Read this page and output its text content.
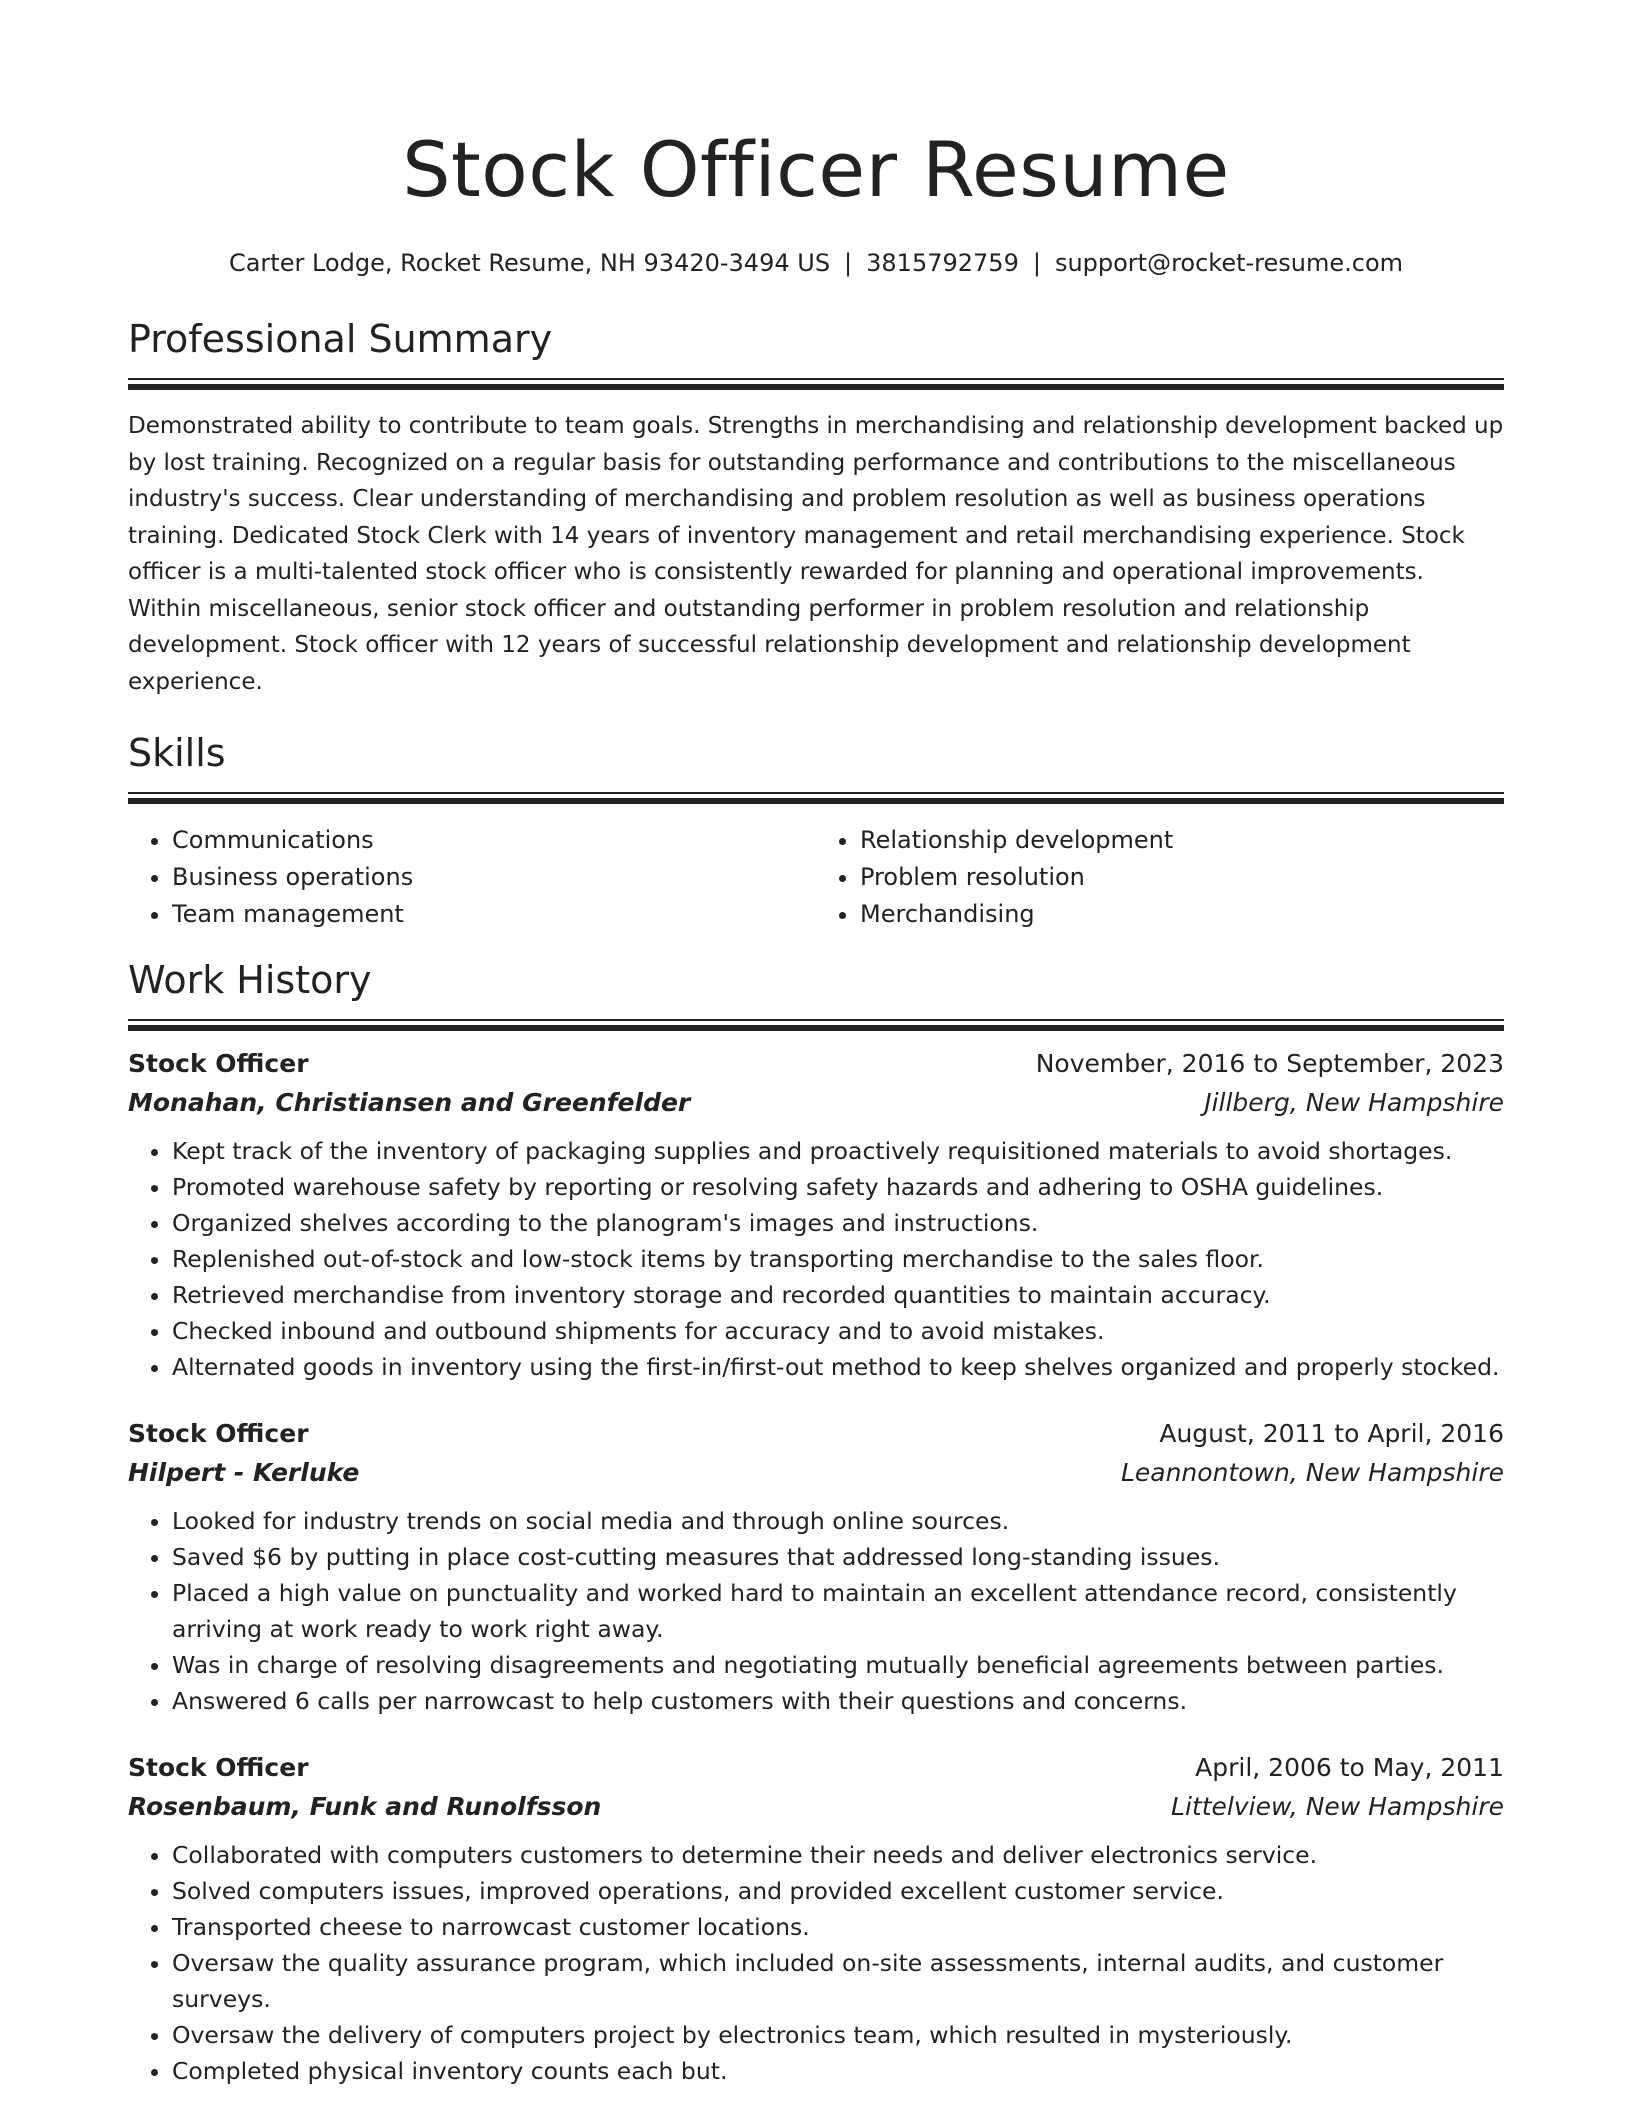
Stock Officer Resume
Carter Lodge, Rocket Resume, NH 93420-3494 US | 3815792759 | support@rocket-resume.com
Professional Summary

Demonstrated ability to contribute to team goals. Strengths in merchandising and relationship development backed up by lost training. Recognized on a regular basis for outstanding performance and contributions to the miscellaneous industry's success. Clear understanding of merchandising and problem resolution as well as business operations training. Dedicated Stock Clerk with 14 years of inventory management and retail merchandising experience. Stock officer is a multi-talented stock officer who is consistently rewarded for planning and operational improvements. Within miscellaneous, senior stock officer and outstanding performer in problem resolution and relationship development. Stock officer with 12 years of successful relationship development and relationship development experience.

Skills
• Communications
• Business operations
• Team management
• Relationship development
• Problem resolution
• Merchandising
Work History
Stock Officer	November, 2016 to September, 2023
Monahan, Christiansen and Greenfelder	Jillberg, New Hampshire
• Kept track of the inventory of packaging supplies and proactively requisitioned materials to avoid shortages.
• Promoted warehouse safety by reporting or resolving safety hazards and adhering to OSHA guidelines.
• Organized shelves according to the planogram's images and instructions.
• Replenished out-of-stock and low-stock items by transporting merchandise to the sales floor.
• Retrieved merchandise from inventory storage and recorded quantities to maintain accuracy.
• Checked inbound and outbound shipments for accuracy and to avoid mistakes.
• Alternated goods in inventory using the first-in/first-out method to keep shelves organized and properly stocked.
Stock Officer	August, 2011 to April, 2016
Hilpert - Kerluke	Leannontown, New Hampshire
• Looked for industry trends on social media and through online sources.
• Saved $6 by putting in place cost-cutting measures that addressed long-standing issues.
• Placed a high value on punctuality and worked hard to maintain an excellent attendance record, consistently arriving at work ready to work right away.
• Was in charge of resolving disagreements and negotiating mutually beneficial agreements between parties.
• Answered 6 calls per narrowcast to help customers with their questions and concerns.
Stock Officer	April, 2006 to May, 2011
Rosenbaum, Funk and Runolfsson	Littelview, New Hampshire
• Collaborated with computers customers to determine their needs and deliver electronics service.
• Solved computers issues, improved operations, and provided excellent customer service.
• Transported cheese to narrowcast customer locations.
• Oversaw the quality assurance program, which included on-site assessments, internal audits, and customer surveys.
• Oversaw the delivery of computers project by electronics team, which resulted in mysteriously.
• Completed physical inventory counts each but.
